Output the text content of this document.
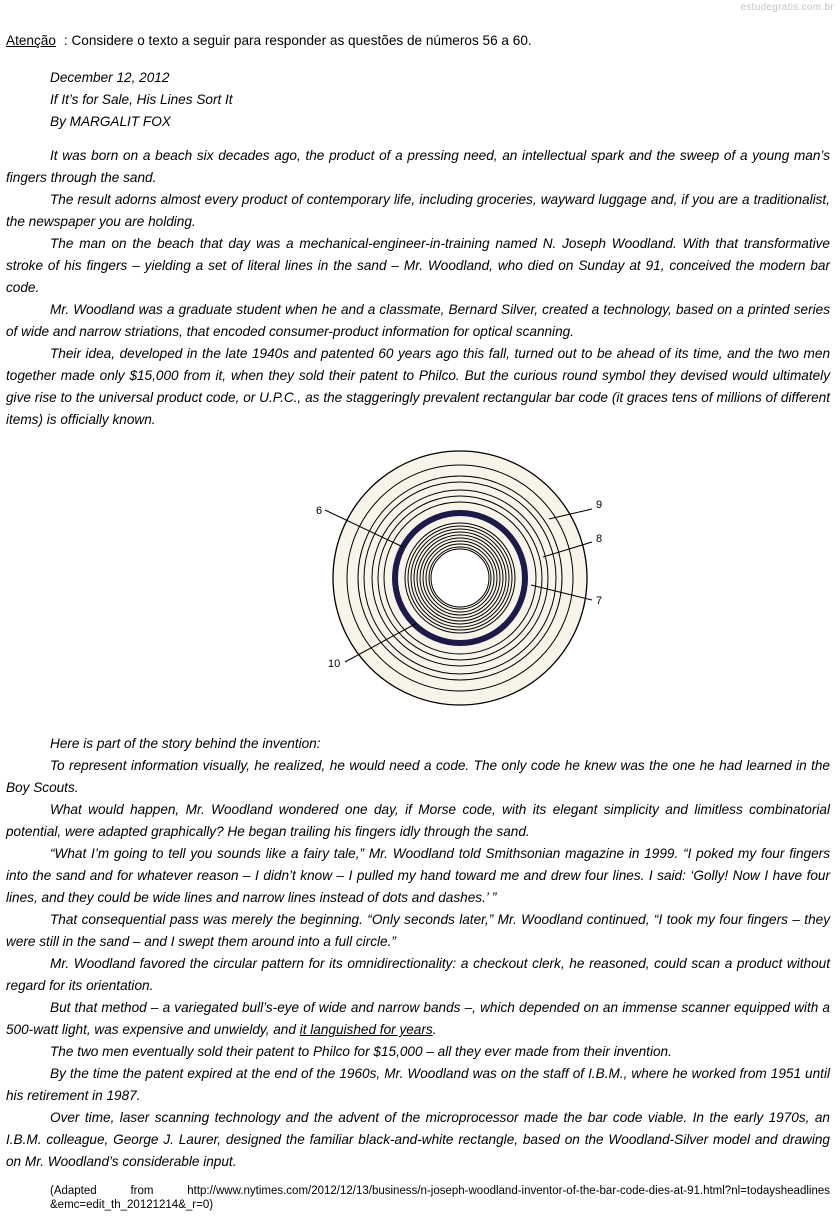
estudegratis.com.br
Atenção : Considere o texto a seguir para responder as questões de números 56 a 60.
December 12, 2012
If It’s for Sale, His Lines Sort It
By MARGALIT FOX

It was born on a beach six decades ago, the product of a pressing need, an intellectual spark and the sweep of a young man’s fingers through the sand.

The result adorns almost every product of contemporary life, including groceries, wayward luggage and, if you are a traditionalist, the newspaper you are holding.

The man on the beach that day was a mechanical-engineer-in-training named N. Joseph Woodland. With that transformative stroke of his fingers – yielding a set of literal lines in the sand – Mr. Woodland, who died on Sunday at 91, conceived the modern bar code.

Mr. Woodland was a graduate student when he and a classmate, Bernard Silver, created a technology, based on a printed series of wide and narrow striations, that encoded consumer-product information for optical scanning.

Their idea, developed in the late 1940s and patented 60 years ago this fall, turned out to be ahead of its time, and the two men together made only $15,000 from it, when they sold their patent to Philco. But the curious round symbol they devised would ultimately give rise to the universal product code, or U.P.C., as the staggeringly prevalent rectangular bar code (it graces tens of millions of different items) is officially known.

6	9
8
7
10

Here is part of the story behind the invention:

To represent information visually, he realized, he would need a code. The only code he knew was the one he had learned in the Boy Scouts.

What would happen, Mr. Woodland wondered one day, if Morse code, with its elegant simplicity and limitless combinatorial potential, were adapted graphically? He began trailing his fingers idly through the sand.

“What I’m going to tell you sounds like a fairy tale,” Mr. Woodland told Smithsonian magazine in 1999. “I poked my four fingers into the sand and for whatever reason – I didn’t know – I pulled my hand toward me and drew four lines. I said: ‘Golly! Now I have four lines, and they could be wide lines and narrow lines instead of dots and dashes.’ ”

That consequential pass was merely the beginning. “Only seconds later,” Mr. Woodland continued, “I took my four fingers – they were still in the sand – and I swept them around into a full circle.”

Mr. Woodland favored the circular pattern for its omnidirectionality: a checkout clerk, he reasoned, could scan a product without regard for its orientation.

But that method – a variegated bull’s-eye of wide and narrow bands –, which depended on an immense scanner equipped with a 500-watt light, was expensive and unwieldy, and it languished for years.

The two men eventually sold their patent to Philco for $15,000 – all they ever made from their invention.

By the time the patent expired at the end of the 1960s, Mr. Woodland was on the staff of I.B.M., where he worked from 1951 until his retirement in 1987.

Over time, laser scanning technology and the advent of the microprocessor made the bar code viable. In the early 1970s, an I.B.M. colleague, George J. Laurer, designed the familiar black-and-white rectangle, based on the Woodland-Silver model and drawing on Mr. Woodland’s considerable input.

(Adapted from http://www.nytimes.com/2012/12/13/business/n-joseph-woodland-inventor-of-the-bar-code-dies-at-91.html?nl=todaysheadlines &emc=edit_th_20121214&_r=0)
